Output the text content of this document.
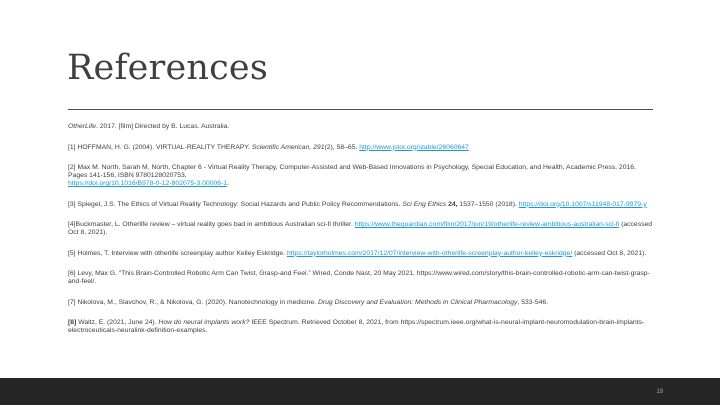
References

OtherLife. 2017. [film] Directed by B. Lucas. Australia.

[1] HOFFMAN, H. G. (2004). VIRTUAL-REALITY THERAPY. Scientific American, 291(2), 58–65. http://www.jstor.org/stable/26060647

[2] Max M. North, Sarah M. North, Chapter 6 - Virtual Reality Therapy, Computer-Assisted and Web-Based Innovations in Psychology, Special Education, and Health, Academic Press, 2016, Pages 141-156, ISBN 9780128020753,
https://doi.org/10.1016/B978-0-12-802075-3.00006-1.

[3] Spiegel, J.S. The Ethics of Virtual Reality Technology: Social Hazards and Public Policy Recommendations. Sci Eng Ethics 24, 1537–1550 (2018). https://doi.org/10.1007/s11948-017-9979-y

[4]Buckmaster, L. Otherlife review – virtual reality goes bad in ambitious Australian sci-fi thriller. https://www.theguardian.com/film/2017/jun/19/otherlife-review-ambitious-australian-sci-fi (accessed Oct 8, 2021).

[5] Holmes, T. Interview with otherlife screenplay author Kelley Eskridge. https://taylorholmes.com/2017/12/07/interview-with-otherlife-screenplay-author-kelley-eskridge/ (accessed Oct 8, 2021).

[6] Levy, Max G. “This Brain-Controlled Robotic Arm Can Twist, Grasp-and Feel.” Wired, Conde Nast, 20 May 2021, https://www.wired.com/story/this-brain-controlled-robotic-arm-can-twist-grasp-and-feel/.

[7] Nikolova, M., Slavchov, R., & Nikolova, G. (2020). Nanotechnology in medicine. Drug Discovery and Evaluation: Methods in Clinical Pharmacology, 533-546.

[8] Waltz, E. (2021, June 24). How do neural implants work? IEEE Spectrum. Retrieved October 8, 2021, from https://spectrum.ieee.org/what-is-neural-implant-neuromodulation-brain-implants-electroceuticals-neuralink-definition-examples.

19
